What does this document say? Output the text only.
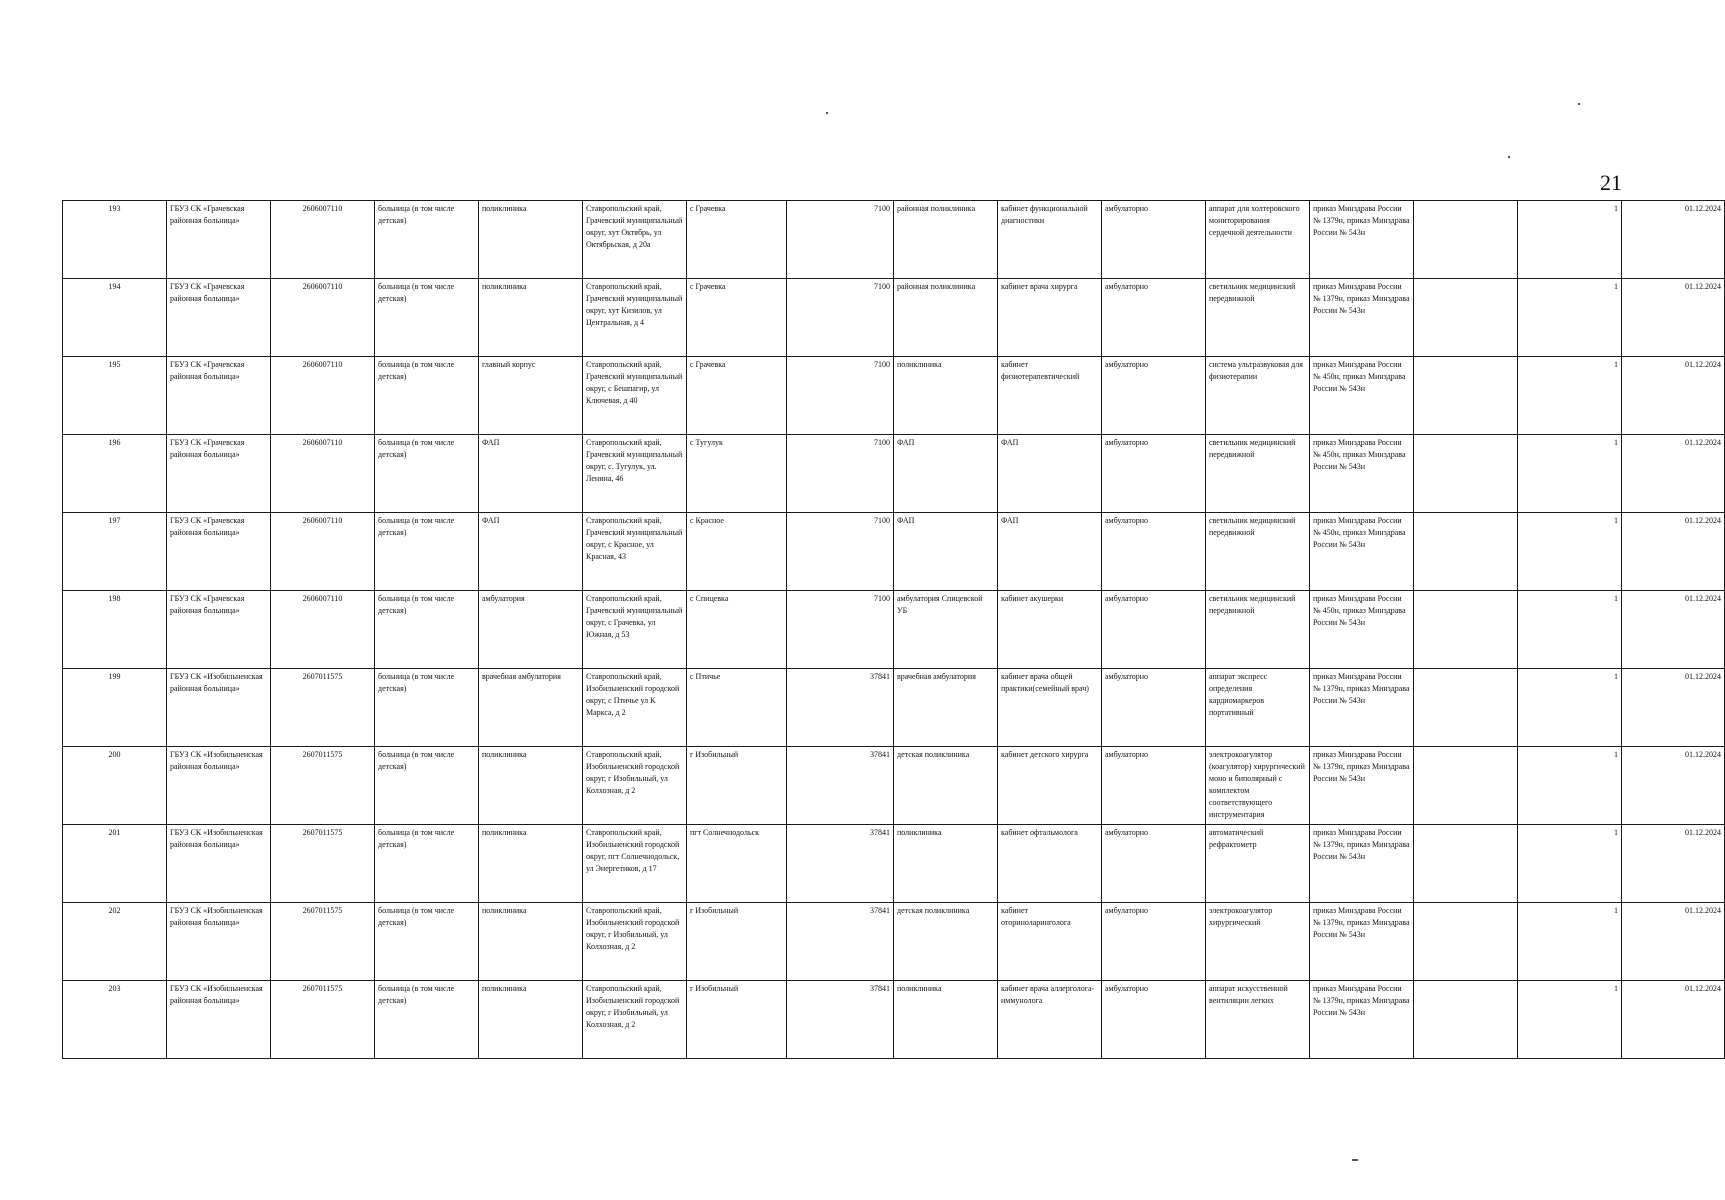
21
193	ГБУЗ СК «Грачевская районная больница»	2606007110	больница (в том числе детская)	поликлиника	Ставропольский край, Грачевский муниципальный округ, хут Октябрь, ул Октябрьская, д 20а	с Грачевка	7100	районная поликлиника	кабинет функциональной диагностики	амбулаторно	аппарат для холтеровского мониторирования сердечной деятельности	приказ Минздрава России № 1379н, приказ Минздрава России № 543н		1	01.12.2024
194	ГБУЗ СК «Грачевская районная больница»	2606007110	больница (в том числе детская)	поликлиника	Ставропольский край, Грачевский муниципальный округ, хут Кизилов, ул Центральная, д 4	с Грачевка	7100	районная поликлиника	кабинет врача хирурга	амбулаторно	светильник медицинский передвижной	приказ Минздрава России № 1379н, приказ Минздрава России № 543н		1	01.12.2024
195	ГБУЗ СК «Грачевская районная больница»	2606007110	больница (в том числе детская)	главный корпус	Ставропольский край, Грачевский муниципальный округ, с Бешпагир, ул Ключевая, д 40	с Грачевка	7100	поликлиника	кабинет физиотерапевтический	амбулаторно	система ультразвуковая для физиотерапии	приказ Минздрава России № 450н, приказ Минздрава России № 543н		1	01.12.2024
196	ГБУЗ СК «Грачевская районная больница»	2606007110	больница (в том числе детская)	ФАП	Ставропольский край, Грачевский муниципальный округ, с. Тугулук, ул. Ленина, 46	с Тугулук	7100	ФАП	ФАП	амбулаторно	светильник медицинский передвижной	приказ Минздрава России № 450н, приказ Минздрава России № 543н		1	01.12.2024
197	ГБУЗ СК «Грачевская районная больница»	2606007110	больница (в том числе детская)	ФАП	Ставропольский край, Грачевский муниципальный округ, с Красное, ул Красная, 43	с Красное	7100	ФАП	ФАП	амбулаторно	светильник медицинский передвижной	приказ Минздрава России № 450н, приказ Минздрава России № 543н		1	01.12.2024
198	ГБУЗ СК «Грачевская районная больница»	2606007110	больница (в том числе детская)	амбулатория	Ставропольский край, Грачевский муниципальный округ, с Грачевка, ул Южная, д 53	с Спицевка	7100	амбулатория Спицевской УБ	кабинет акушерки	амбулаторно	светильник медицинский передвижной	приказ Минздрава России № 450н, приказ Минздрава России № 543н		1	01.12.2024
199	ГБУЗ СК «Изобильненская районная больница»	2607011575	больница (в том числе детская)	врачебная амбулатория	Ставропольский край, Изобильненский городской округ, с Птичье ул К Маркса, д 2	с Птичье	37841	врачебная амбулатория	кабинет врача общей практики(семейный врач)	амбулаторно	аппарат экспресс определения кардиомаркеров портативный	приказ Минздрава России № 1379н, приказ Минздрава России № 543н		1	01.12.2024
200	ГБУЗ СК «Изобильненская районная больница»	2607011575	больница (в том числе детская)	поликлиника	Ставропольский край, Изобильненский городской округ, г Изобильный, ул Колхозная, д 2	г Изобильный	37841	детская поликлиника	кабинет детского хирурга	амбулаторно	электрокоагулятор (коагулятор) хирургический моно и биполярный с комплектом соответствующего инструментария	приказ Минздрава России № 1379н, приказ Минздрава России № 543н		1	01.12.2024
201	ГБУЗ СК «Изобильненская районная больница»	2607011575	больница (в том числе детская)	поликлиника	Ставропольский край, Изобильненский городской округ, пгт Солнечнодольск, ул Энергетиков, д 17	пгт Солнечнодольск	37841	поликлиника	кабинет офтальмолога	амбулаторно	автоматический рефрактометр	приказ Минздрава России № 1379н, приказ Минздрава России № 543н		1	01.12.2024
202	ГБУЗ СК «Изобильненская районная больница»	2607011575	больница (в том числе детская)	поликлиника	Ставропольский край, Изобильненский городской округ, г Изобильный, ул Колхозная, д 2	г Изобильный	37841	детская поликлиника	кабинет оториноларинголога	амбулаторно	электрокоагулятор хирургический	приказ Минздрава России № 1379н, приказ Минздрава России № 543н		1	01.12.2024
203	ГБУЗ СК «Изобильненская районная больница»	2607011575	больница (в том числе детская)	поликлиника	Ставропольский край, Изобильненский городской округ, г Изобильный, ул Колхозная, д 2	г Изобильный	37841	поликлиника	кабинет врача аллерголога-иммунолога	амбулаторно	аппарат искусственной вентиляции легких	приказ Минздрава России № 1379н, приказ Минздрава России № 543н		1	01.12.2024
